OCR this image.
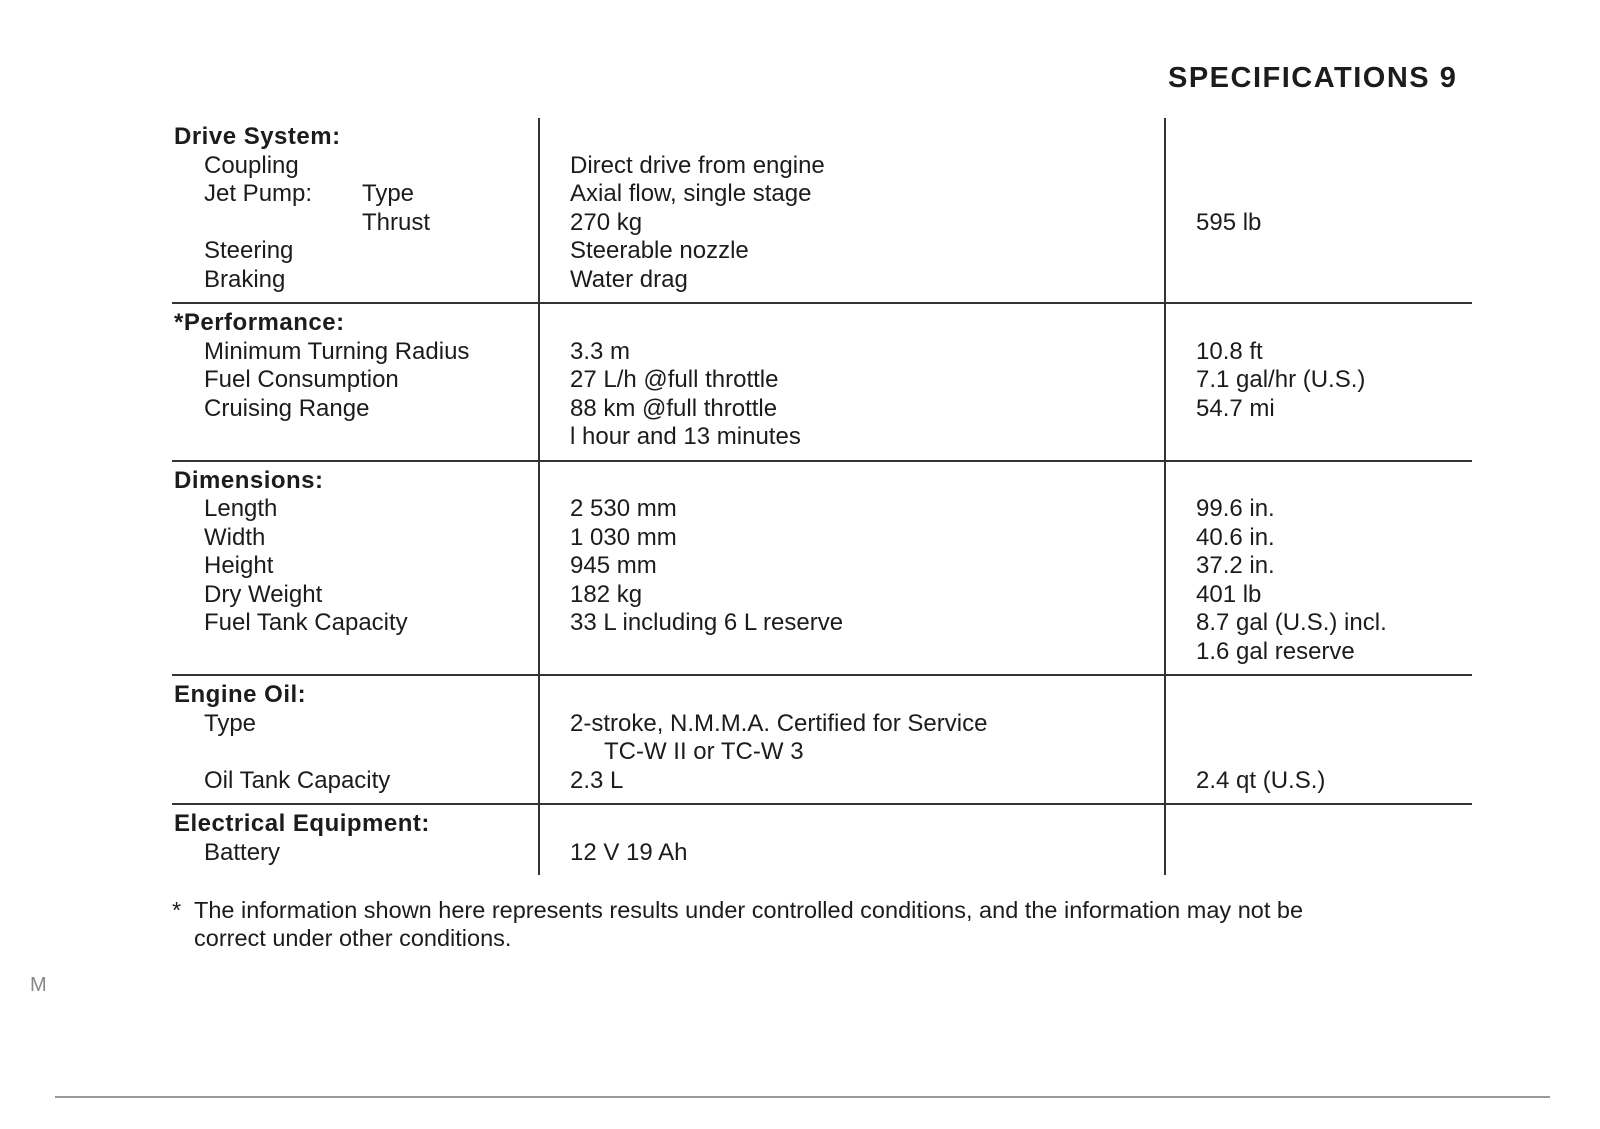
SPECIFICATIONS 9
Drive System:
Coupling
Jet Pump: Type
Thrust
Steering
Braking
Direct drive from engine
Axial flow, single stage
270 kg
Steerable nozzle
Water drag
595 lb
*Performance:
Minimum Turning Radius
Fuel Consumption
Cruising Range
3.3 m
27 L/h @full throttle
88 km @full throttle
l hour and 13 minutes
10.8 ft
7.1 gal/hr (U.S.)
54.7 mi
Dimensions:
Length
Width
Height
Dry Weight
Fuel Tank Capacity
2 530 mm
1 030 mm
945 mm
182 kg
33 L including 6 L reserve
99.6 in.
40.6 in.
37.2 in.
401 lb
8.7 gal (U.S.) incl.
1.6 gal reserve
Engine Oil:
Type
Oil Tank Capacity
2-stroke, N.M.M.A. Certified for Service
TC-W II or TC-W 3
2.3 L	2.4 qt (U.S.)
Electrical Equipment:
Battery	12 V 19 Ah
* The information shown here represents results under controlled conditions, and the information may not be
correct under other conditions.
M
